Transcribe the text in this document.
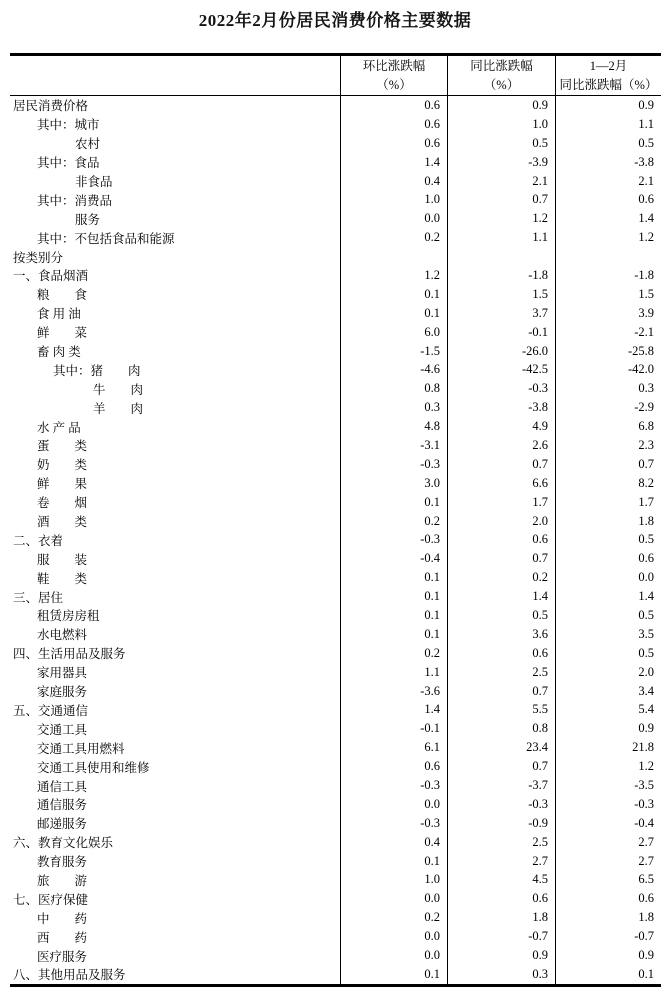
2022年2月份居民消费价格主要数据
环比涨跌幅
（%）
同比涨跌幅
（%）
1—2月
同比涨跌幅（%）
居民消费价格	0.6	0.9	0.9
其中：城市	0.6	1.0	1.1
农村	0.6	0.5	0.5
其中：食品	1.4	-3.9	-3.8
非食品	0.4	2.1	2.1
其中：消费品	1.0	0.7	0.6
服务	0.0	1.2	1.4
其中：不包括食品和能源	0.2	1.1	1.2
按类别分
一、食品烟酒	1.2	-1.8	-1.8
粮　　食	0.1	1.5	1.5
食 用 油	0.1	3.7	3.9
鲜　　菜	6.0	-0.1	-2.1
畜 肉 类	-1.5	-26.0	-25.8
其中：猪　　肉	-4.6	-42.5	-42.0
牛　　肉	0.8	-0.3	0.3
羊　　肉	0.3	-3.8	-2.9
水 产 品	4.8	4.9	6.8
蛋　　类	-3.1	2.6	2.3
奶　　类	-0.3	0.7	0.7
鲜　　果	3.0	6.6	8.2
卷　　烟	0.1	1.7	1.7
酒　　类	0.2	2.0	1.8
二、衣着	-0.3	0.6	0.5
服　　装	-0.4	0.7	0.6
鞋　　类	0.1	0.2	0.0
三、居住	0.1	1.4	1.4
租赁房房租	0.1	0.5	0.5
水电燃料	0.1	3.6	3.5
四、生活用品及服务	0.2	0.6	0.5
家用器具	1.1	2.5	2.0
家庭服务	-3.6	0.7	3.4
五、交通通信	1.4	5.5	5.4
交通工具	-0.1	0.8	0.9
交通工具用燃料	6.1	23.4	21.8
交通工具使用和维修	0.6	0.7	1.2
通信工具	-0.3	-3.7	-3.5
通信服务	0.0	-0.3	-0.3
邮递服务	-0.3	-0.9	-0.4
六、教育文化娱乐	0.4	2.5	2.7
教育服务	0.1	2.7	2.7
旅　　游	1.0	4.5	6.5
七、医疗保健	0.0	0.6	0.6
中　　药	0.2	1.8	1.8
西　　药	0.0	-0.7	-0.7
医疗服务	0.0	0.9	0.9
八、其他用品及服务	0.1	0.3	0.1
